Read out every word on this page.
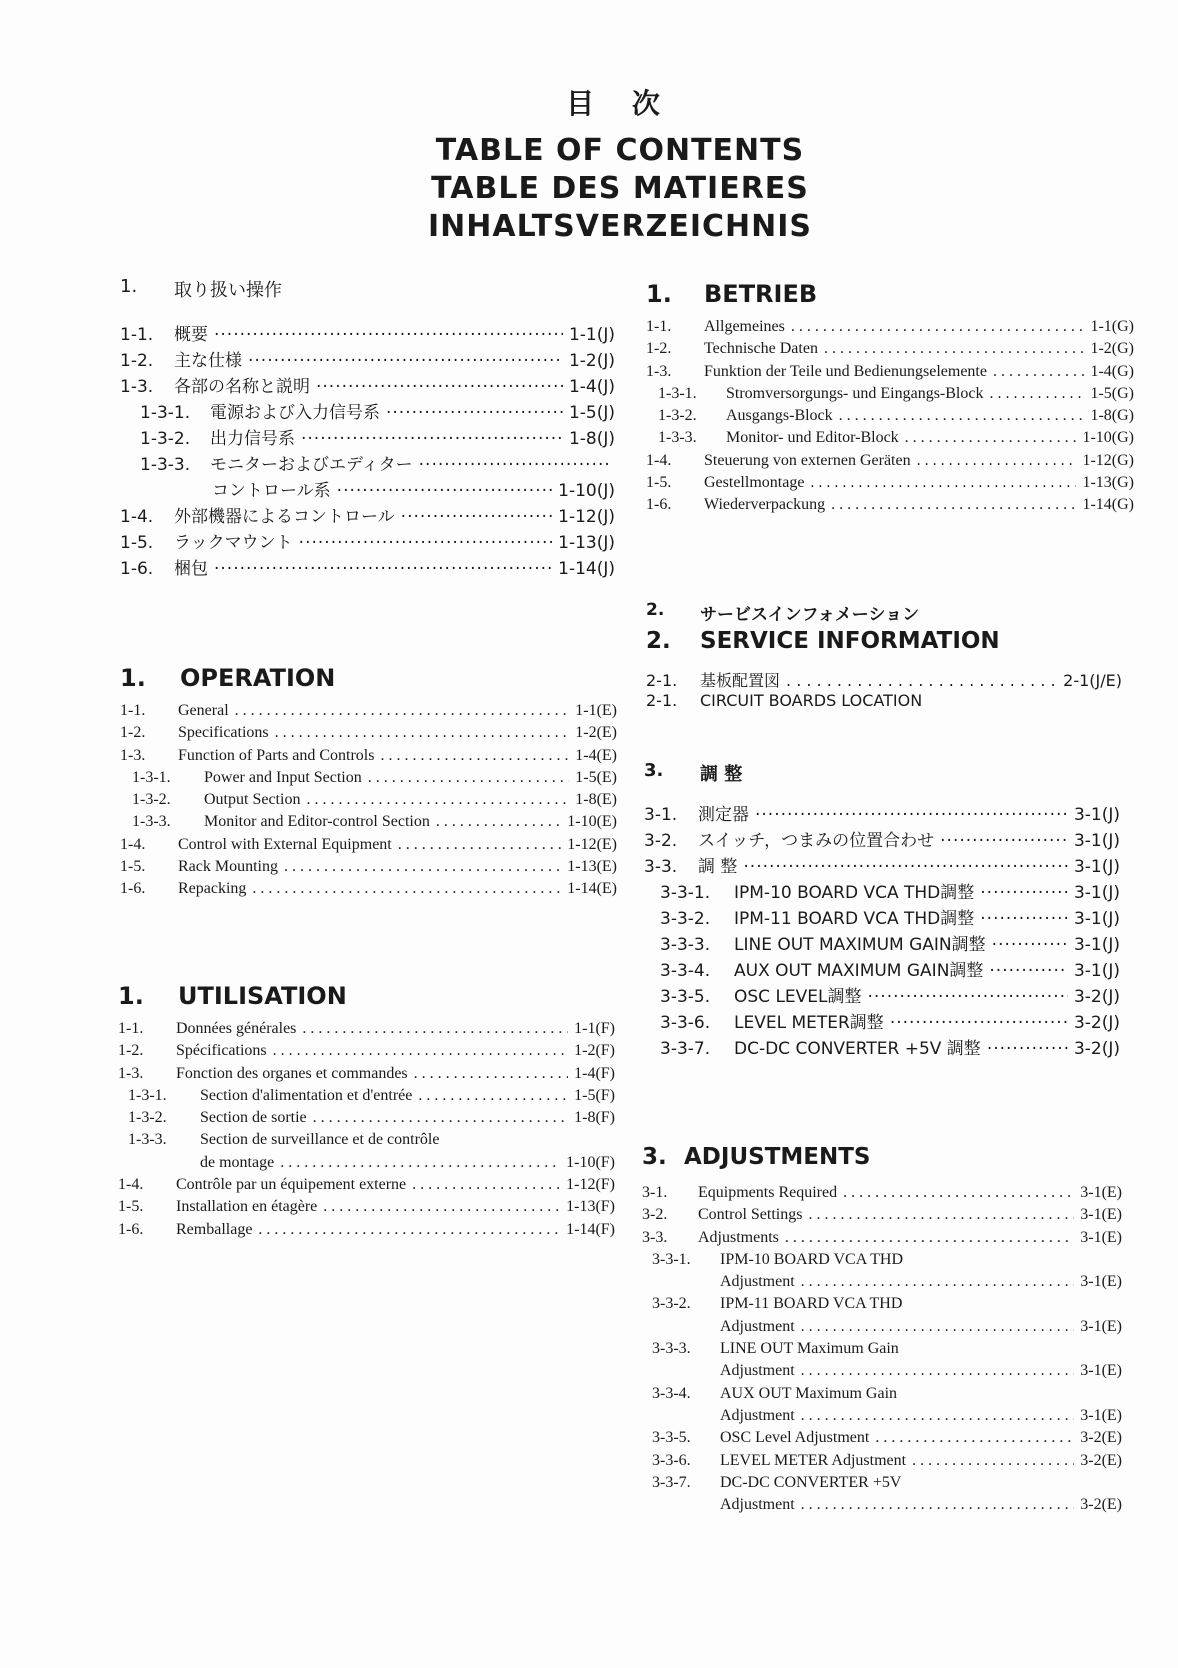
目 次
TABLE OF CONTENTS
TABLE DES MATIERES
INHALTSVERZEICHNIS
1. 取り扱い操作
1-1.	概要 ·····	1-1(J)
1-2.	主な仕様 ·····	1-2(J)
1-3.	各部の名称と説明 ·····	1-4(J)
1-3-1.	電源および入力信号系 ·····	1-5(J)
1-3-2.	出力信号系 ·····	1-8(J)
1-3-3.	モニターおよびエディター
·····
コントロール系 ·····	1-10(J)
1-4.	外部機器によるコントロール ·····	1-12(J)
1-5.	ラックマウント ·····	1-13(J)
1-6.	梱包 ·····	1-14(J)
1. OPERATION
1-1.	General . . .	1-1(E)
1-2.	Specifications . . .	1-2(E)
1-3.	Function of Parts and Controls . . .	1-4(E)
1-3-1.	Power and Input Section . . .	1-5(E)
1-3-2.	Output Section . . .	1-8(E)
1-3-3.	Monitor and Editor-control Section . . .	1-10(E)
1-4.	Control with External Equipment . . .	1-12(E)
1-5.	Rack Mounting . . .	1-13(E)
1-6.	Repacking . . .	1-14(E)
1. UTILISATION
1-1.	Données générales . . .	1-1(F)
1-2.	Spécifications . . .	1-2(F)
1-3.	Fonction des organes et commandes . . .	1-4(F)
1-3-1.	Section d'alimentation et d'entrée . . .	1-5(F)
1-3-2.	Section de sortie . . .	1-8(F)
1-3-3.	Section de surveillance et de contrôle
de montage . . .	1-10(F)
1-4.	Contrôle par un équipement externe . . .	1-12(F)
1-5.	Installation en étagère . . .	1-13(F)
1-6.	Remballage . . .	1-14(F)
1. BETRIEB
1-1.	Allgemeines . . .	1-1(G)
1-2.	Technische Daten . . .	1-2(G)
1-3.	Funktion der Teile und Bedienungselemente . . .	1-4(G)
1-3-1.	Stromversorgungs- und Eingangs-Block . . .	1-5(G)
1-3-2.	Ausgangs-Block . . .	1-8(G)
1-3-3.	Monitor- und Editor-Block . . .	1-10(G)
1-4.	Steuerung von externen Geräten . . .	1-12(G)
1-5.	Gestellmontage . . .	1-13(G)
1-6.	Wiederverpackung . . .	1-14(G)
2. サービスインフォメーション
2. SERVICE INFORMATION
2-1.	基板配置図 . . .	2-1(J/E)
2-1.	CIRCUIT BOARDS LOCATION
3. 調 整
3-1.	測定器 ·····	3-1(J)
3-2.	スイッチ，つまみの位置合わせ ·····	3-1(J)
3-3.	調 整 ·····	3-1(J)
3-3-1.	IPM-10 BOARD VCA THD調整 ·····	3-1(J)
3-3-2.	IPM-11 BOARD VCA THD調整 ·····	3-1(J)
3-3-3.	LINE OUT MAXIMUM GAIN調整 ·····	3-1(J)
3-3-4.	AUX OUT MAXIMUM GAIN調整 ·····	3-1(J)
3-3-5.	OSC LEVEL調整 ·····	3-2(J)
3-3-6.	LEVEL METER調整 ·····	3-2(J)
3-3-7.	DC-DC CONVERTER +5V 調整 ·····	3-2(J)
3. ADJUSTMENTS
3-1.	Equipments Required . . .	3-1(E)
3-2.	Control Settings . . .	3-1(E)
3-3.	Adjustments . . .	3-1(E)
3-3-1.	IPM-10 BOARD VCA THD
Adjustment . . .	3-1(E)
3-3-2.	IPM-11 BOARD VCA THD
Adjustment . . .	3-1(E)
3-3-3.	LINE OUT Maximum Gain
Adjustment . . .	3-1(E)
3-3-4.	AUX OUT Maximum Gain
Adjustment . . .	3-1(E)
3-3-5.	OSC Level Adjustment . . .	3-2(E)
3-3-6.	LEVEL METER Adjustment . . .	3-2(E)
3-3-7.	DC-DC CONVERTER +5V
Adjustment . . .	3-2(E)
